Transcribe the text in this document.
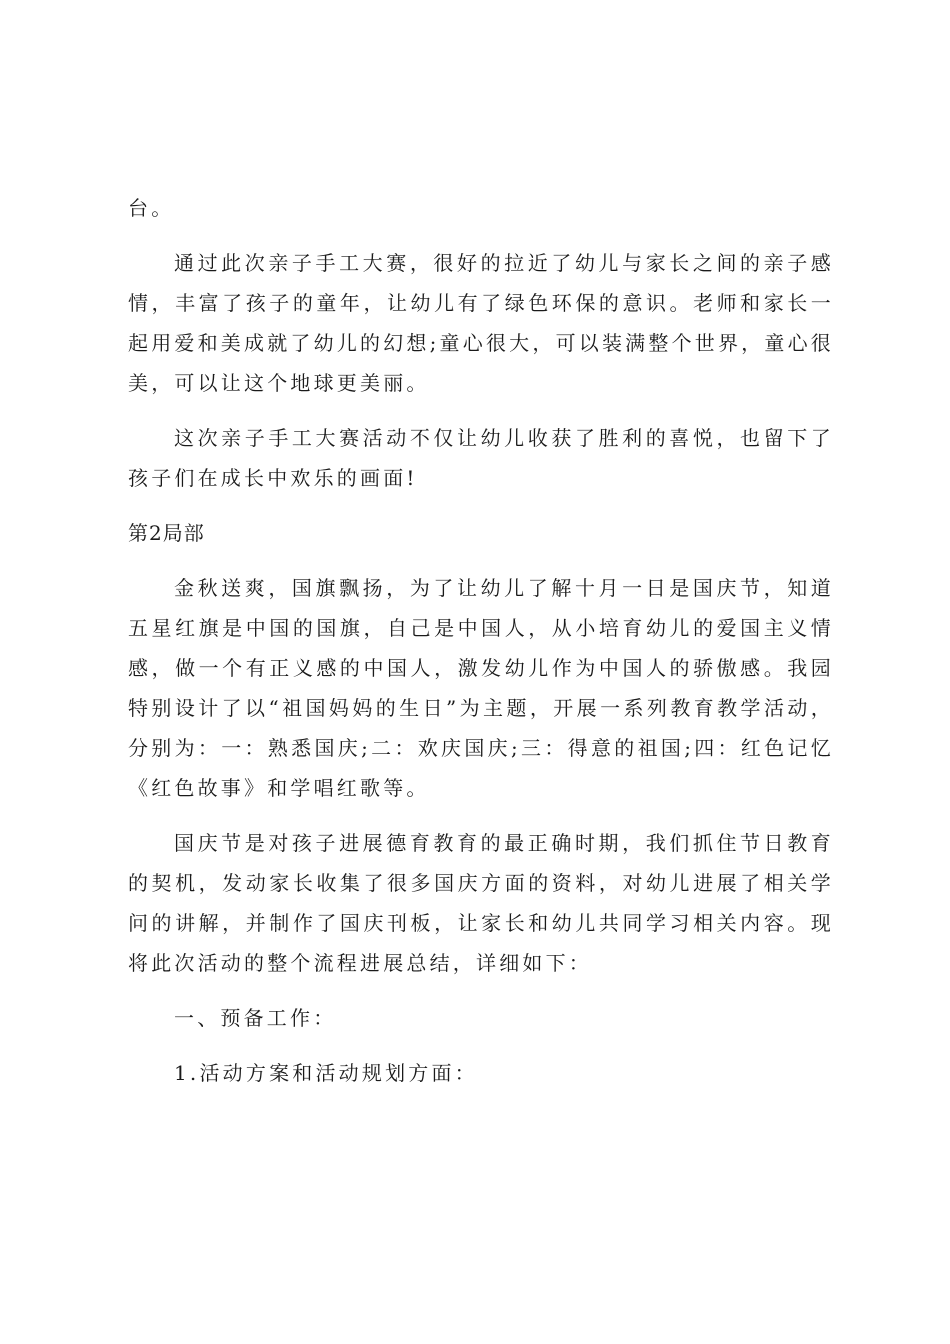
台。

通过此次亲子手工大赛，很好的拉近了幼儿与家长之间的亲子感情，丰富了孩子的童年，让幼儿有了绿色环保的意识。老师和家长一起用爱和美成就了幼儿的幻想;童心很大，可以装满整个世界，童心很美，可以让这个地球更美丽。

这次亲子手工大赛活动不仅让幼儿收获了胜利的喜悦，也留下了孩子们在成长中欢乐的画面!

第2局部

金秋送爽，国旗飘扬，为了让幼儿了解十月一日是国庆节，知道五星红旗是中国的国旗，自己是中国人，从小培育幼儿的爱国主义情感，做一个有正义感的中国人，激发幼儿作为中国人的骄傲感。我园特别设计了以“祖国妈妈的生日”为主题，开展一系列教育教学活动，分别为：一：熟悉国庆;二：欢庆国庆;三：得意的祖国;四：红色记忆《红色故事》和学唱红歌等。

国庆节是对孩子进展德育教育的最正确时期，我们抓住节日教育的契机，发动家长收集了很多国庆方面的资料，对幼儿进展了相关学问的讲解，并制作了国庆刊板，让家长和幼儿共同学习相关内容。现将此次活动的整个流程进展总结，详细如下：

一、预备工作：

1.活动方案和活动规划方面：
